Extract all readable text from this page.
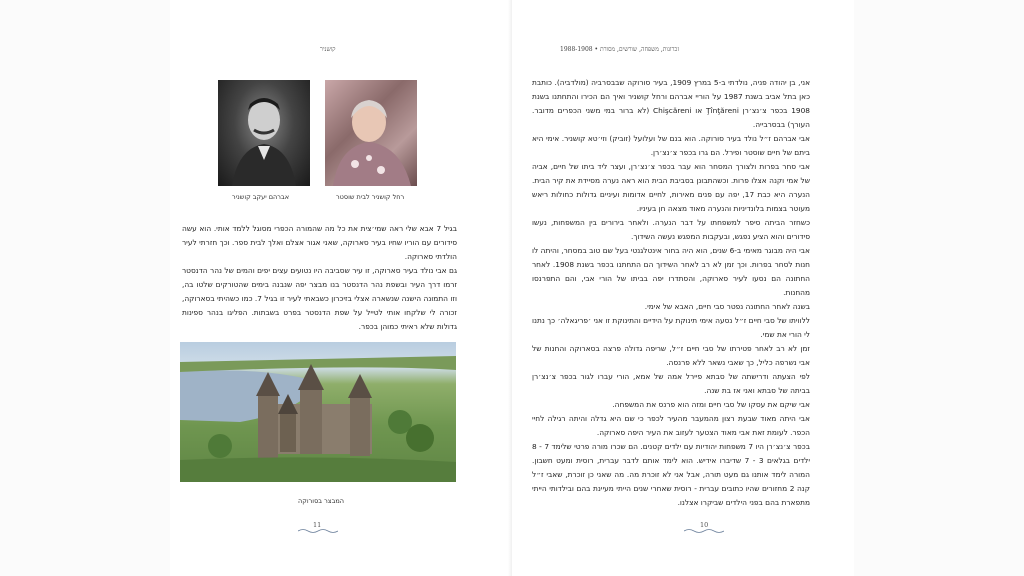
קושניר
אברהם יעקב קושניר	רחל קושניר לבית שוסטר

בגיל 7 אבא שלי ראה שמי׳צית את כל מה שהמורה הכפרי מסוגל ללמד אותי. הוא עשה סידורים עם הוריו שחיו בעיר סארוקה, שאני אגור אצלם ואלך לבית ספר. וכך חזרתי לעיר הולדתי סארוקה.

גם אבי נולד בעיר סארוקה, זו עיר שסביבה היו נטועים עצים יפים והמים של נהר הדנסטר זרמו דרך העיר ובשפת נהר הדנסטר בנו מבצר יפה שנבנה בימים שהטורקים שלטו בה, וזו התמונה הישנה שנשארה אצלי בזיכרון כשבאתי לעיר זו בגיל 7. כמו כשהיתי בסארוקה, זכורה לי שלקחו אותי לטייל על שפת הדנסטר בפרט בשבתות. הפליגו בנהר ספינות גדולות שלא ראיתי כמוהן בכפר.

המבצר בסורוקה
11
זכרונות, משפחה, שורשים, מסורת • 1988-1908

אני, בן יהודה פניה, נולדתי ב-5 במרץ 1909, בעיר סורוקה שבבסרביה (מולדביה). כותבת כאן בתל אביב בשנת 1987 על הוריי אברהם ורחל קושניר ואיך הם הכירו והתחתנו בשנת 1908 בכפר צ׳נצ׳רן Ţînţăreni או Chişcăreni (לא ברור במי משני הכפרים מדובר. העורך) בבסרבייה.

אבי אברהם ז״ל נולד בעיר סורוקה. הוא בנם של ועלועל (זוביק) וזי׳טא קושניר. אימי היא ביתם של חיים שוסטר ופירל. הם גרו בכפר צ׳נצ׳רן.

אבי סחר בפרות ולצורך המסחר הוא עבר בכפר צ׳נצ׳רן, ועצר ליד ביתו של חיים, אביה של אמי וקנה אצלו פרות. וכשהתבונן בסביבת הבית הוא ראה נערה מסיידת את קיר הבית. הנערה היא כבת 17, יפה עם פנים מאירות, לחיים אדומות ועיניים גדולות כחולות ריאש מעוטר בצמות בלונדיניות והנערה מאוד מצאה חן בעיניו.

כשחזר הביתה סיפר למשפחתו על דבר הנערה. ולאחר בירורים בין המשפחות, נעשו סידורים והוא הציע נפגש, ובעקבות המפגש נעשה השידוך.

אבי היה מבוגר מאימי ב-6 שנים, הוא היה בחור אינטלגנטי בעל שם טוב במסחר, והיתה לו חנות לסחר בפרות. וכך זמן לא רב לאחר השידוך הם התחתנו בכפר בשנת 1908. לאחר החתונה הם נסעו לעיר סארוקה, והסתדרו יפה בביתו של הורי אבי, והם התפרנסו מהחנות.

בשנה לאחר החתונה נפטר סבי חיים, האבא של אימי.

ללוויתו של סבי חיים ז״ל נסעה אימי תינוקת על הידיים והתינוקת זו אני ׳פריגאלה׳ כך נתנו לי הורי את שמי.

זמן לא רב לאחר פטירתו של סבי חיים ז״ל, שריפה גדולה פרצה בסארוקה והחנות של אבי נשרפה כליל, כך שאבי נשאר ללא פרנסה.

לפי הצעתה ודרישתה של סבתא פיירל אמה של אמא, הורי עברו לגור בכפר צ׳נצ׳רן בביתה של סבתא ואני אז בת שנה.

אבי שיקם את עסקו של סבי חיים ומזה הוא פרנס את המשפחה.

אבי היתה מאוד שבעת רצון מהמעבר מהעיר לכפר כי שם היא גדלה והיתה רגילה לחיי הכפר. לעומת זאת אבי מאוד הצטער לעזוב את העיר היפה סארוקה.

בכפר צ׳נצ׳רן היו 7 משפחות יהודיות עם ילדים קטנים. הם שכרו מורה פרטי שלימד 7 - 8 ילדים בגלאים 3 - 7 שדיברו אידיש. הוא לימד אותם לדבר עברית, רוסית ומעט חשבון. המורה לימד אותנו גם מעט תורה, אבל אני לא זוכרת מה. מה שאני כן זוכרת, שאבי ז״ל קנה 2 מחזורים שהיו כתובים עברית - רוסית שאחרי שנים הייתי מעיינת בהם ובילדותי הייתי מתפארת בהם בפני הילדים שביקרו אצלנו.

10
